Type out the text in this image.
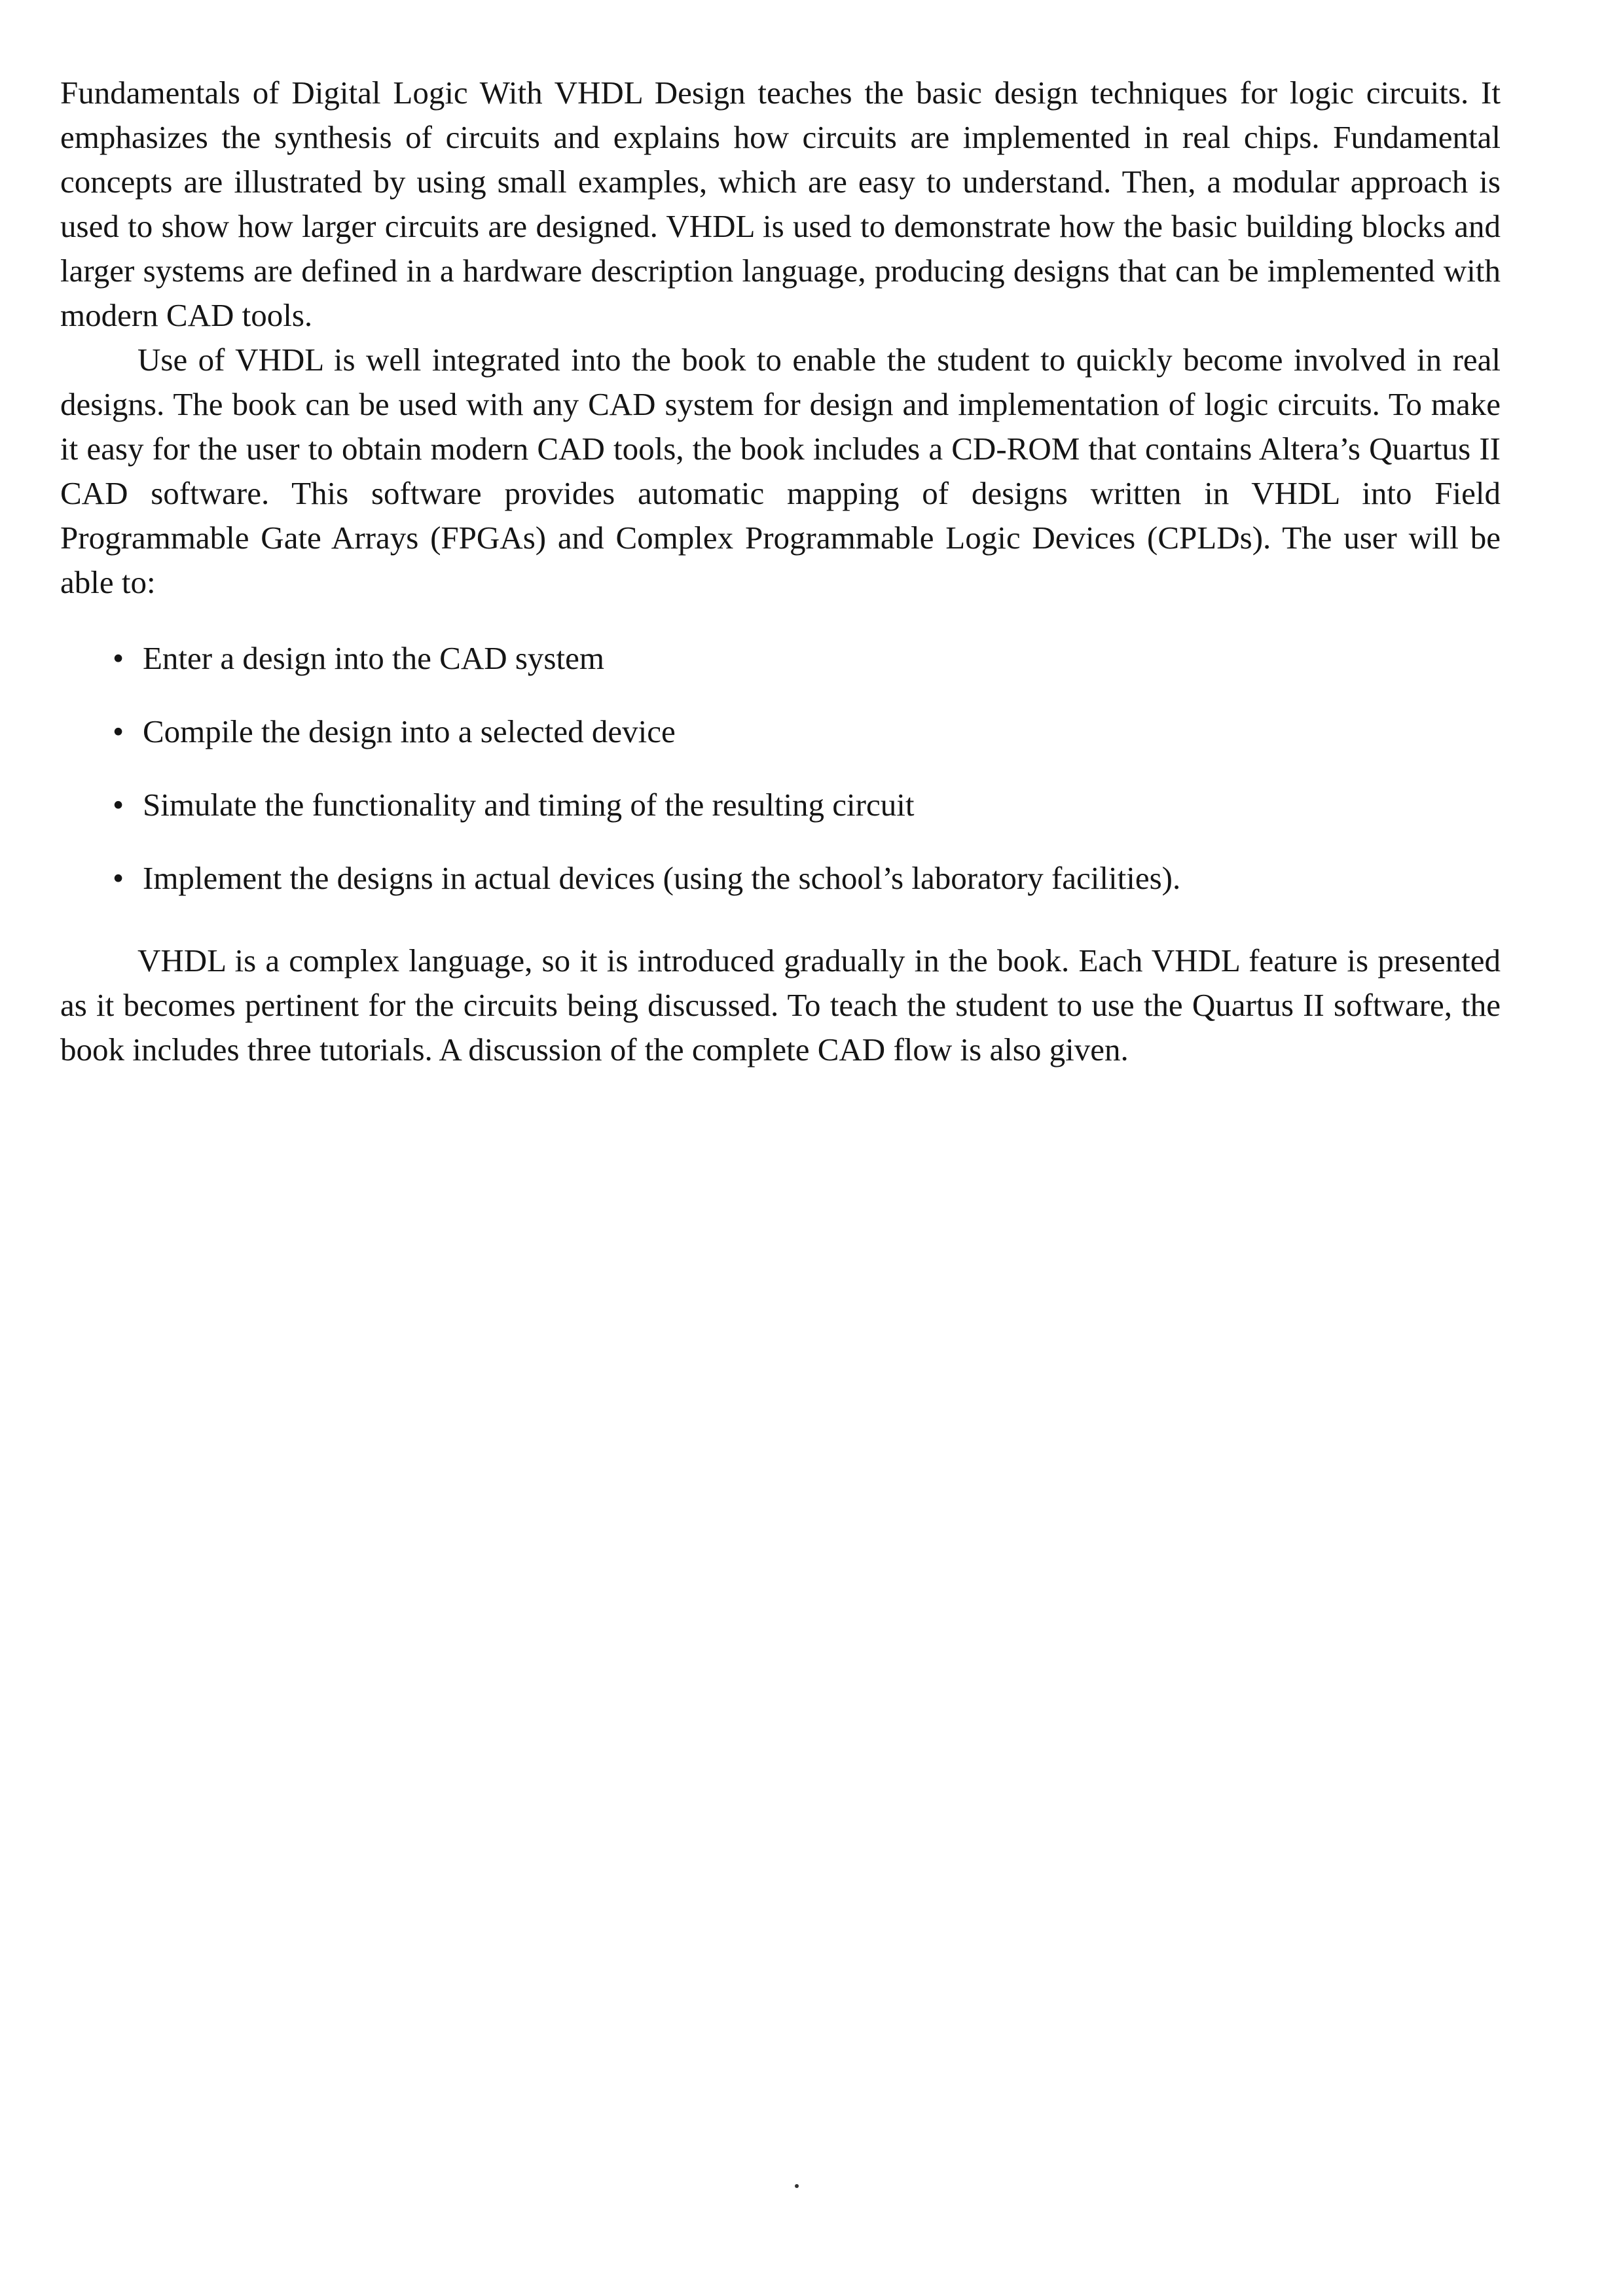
Fundamentals of Digital Logic With VHDL Design teaches the basic design techniques for logic circuits. It emphasizes the synthesis of circuits and explains how circuits are implemented in real chips. Fundamental concepts are illustrated by using small examples, which are easy to understand. Then, a modular approach is used to show how larger circuits are designed. VHDL is used to demonstrate how the basic building blocks and larger systems are defined in a hardware description language, producing designs that can be implemented with modern CAD tools.

Use of VHDL is well integrated into the book to enable the student to quickly become involved in real designs. The book can be used with any CAD system for design and implementation of logic circuits. To make it easy for the user to obtain modern CAD tools, the book includes a CD-ROM that contains Altera’s Quartus II CAD software. This software provides automatic mapping of designs written in VHDL into Field Programmable Gate Arrays (FPGAs) and Complex Programmable Logic Devices (CPLDs). The user will be able to:

• Enter a design into the CAD system
• Compile the design into a selected device
• Simulate the functionality and timing of the resulting circuit
• Implement the designs in actual devices (using the school’s laboratory facilities).

VHDL is a complex language, so it is introduced gradually in the book. Each VHDL feature is presented as it becomes pertinent for the circuits being discussed. To teach the student to use the Quartus II software, the book includes three tutorials. A discussion of the complete CAD flow is also given.
